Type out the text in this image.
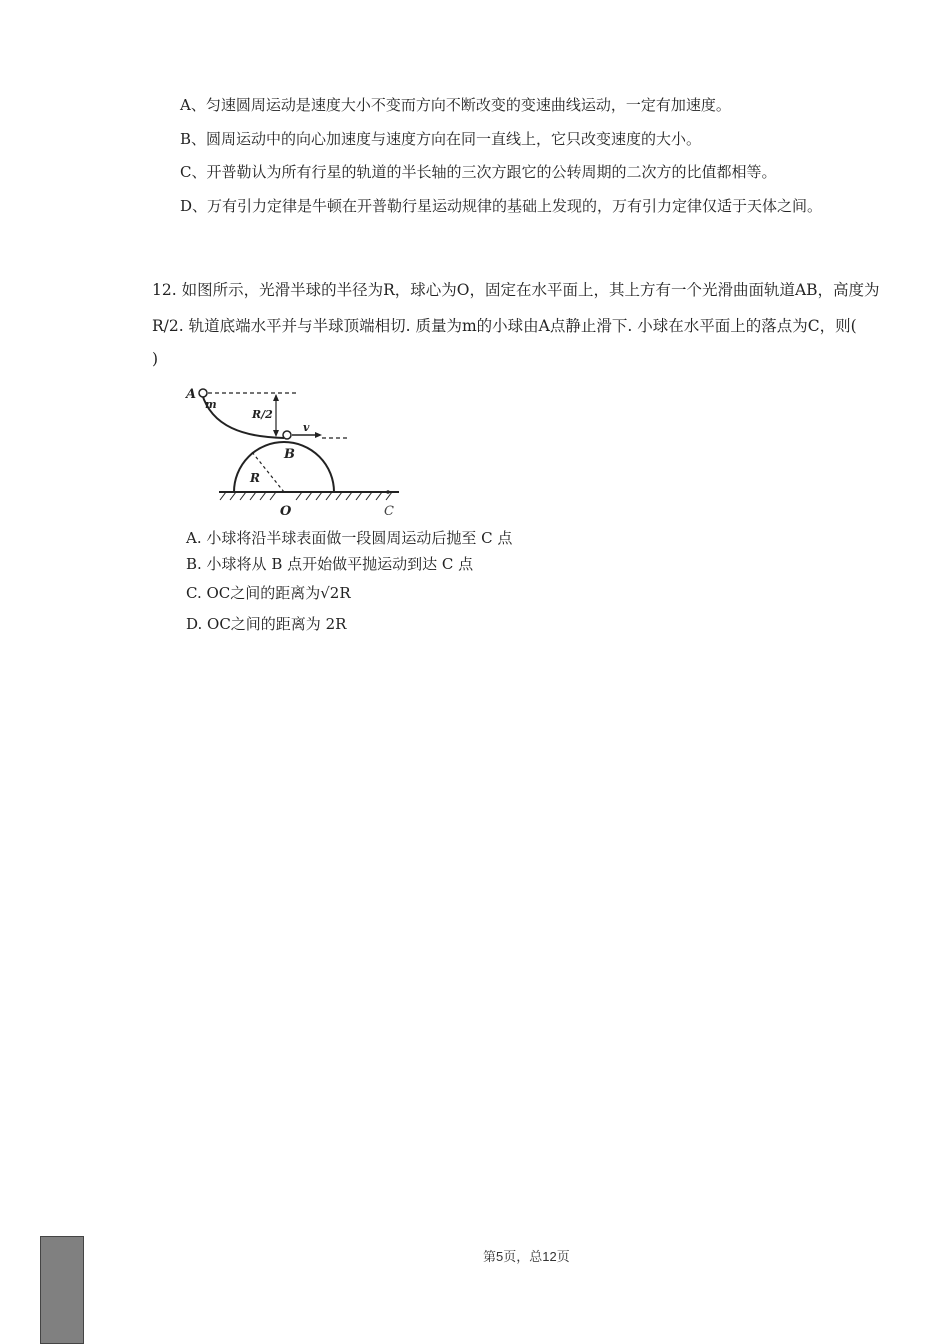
A、匀速圆周运动是速度大小不变而方向不断改变的变速曲线运动，一定有加速度。
B、圆周运动中的向心加速度与速度方向在同一直线上，它只改变速度的大小。
C、开普勒认为所有行星的轨道的半长轴的三次方跟它的公转周期的二次方的比值都相等。
D、万有引力定律是牛顿在开普勒行星运动规律的基础上发现的，万有引力定律仅适于天体之间。
12. 如图所示，光滑半球的半径为R，球心为O，固定在水平面上，其上方有一个光滑曲面轨道AB，高度为
R/2. 轨道底端水平并与半球顶端相切. 质量为m的小球由A点静止滑下. 小球在水平面上的落点为C，则(
)
A
m
R/2
v
B
R
O	C
A. 小球将沿半球表面做一段圆周运动后抛至 C 点
B. 小球将从 B 点开始做平抛运动到达 C 点
C. OC之间的距离为√2R
D. OC之间的距离为 2R
第5页，总12页
